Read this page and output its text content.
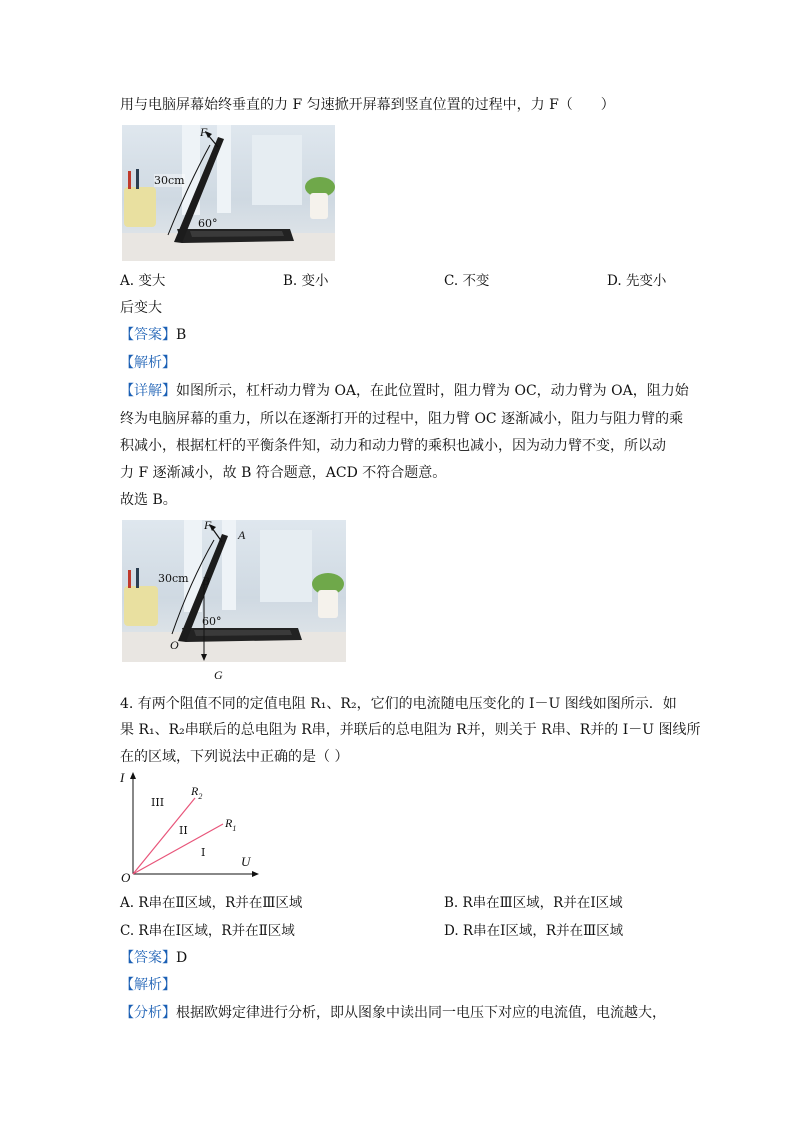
用与电脑屏幕始终垂直的力 F 匀速掀开屏幕到竖直位置的过程中，力 F（　　）
F
30cm
60°
A. 变大	B. 变小	C. 不变	D. 先变小
后变大
【答案】B
【解析】
【详解】如图所示，杠杆动力臂为 OA，在此位置时，阻力臂为 OC，动力臂为 OA，阻力始
终为电脑屏幕的重力，所以在逐渐打开的过程中，阻力臂 OC 逐渐减小，阻力与阻力臂的乘
积减小，根据杠杆的平衡条件知，动力和动力臂的乘积也减小，因为动力臂不变，所以动
力 F 逐渐减小，故 B 符合题意，ACD 不符合题意。
故选 B。
F
A
30cm B
60°
O
G
4. 有两个阻值不同的定值电阻 R₁、R₂，它们的电流随电压变化的 I－U 图线如图所示．如
果 R₁、R₂串联后的总电阻为 R串，并联后的总电阻为 R并，则关于 R串、R并的 I－U 图线所
在的区域，下列说法中正确的是（ ）
I
U
O
$R_2$
$R_1$
III
II
I
A. R串在Ⅱ区域，R并在Ⅲ区域	B. R串在Ⅲ区域，R并在Ⅰ区域
C. R串在Ⅰ区域，R并在Ⅱ区域	D. R串在Ⅰ区域，R并在Ⅲ区域
【答案】D
【解析】
【分析】根据欧姆定律进行分析，即从图象中读出同一电压下对应的电流值，电流越大，
